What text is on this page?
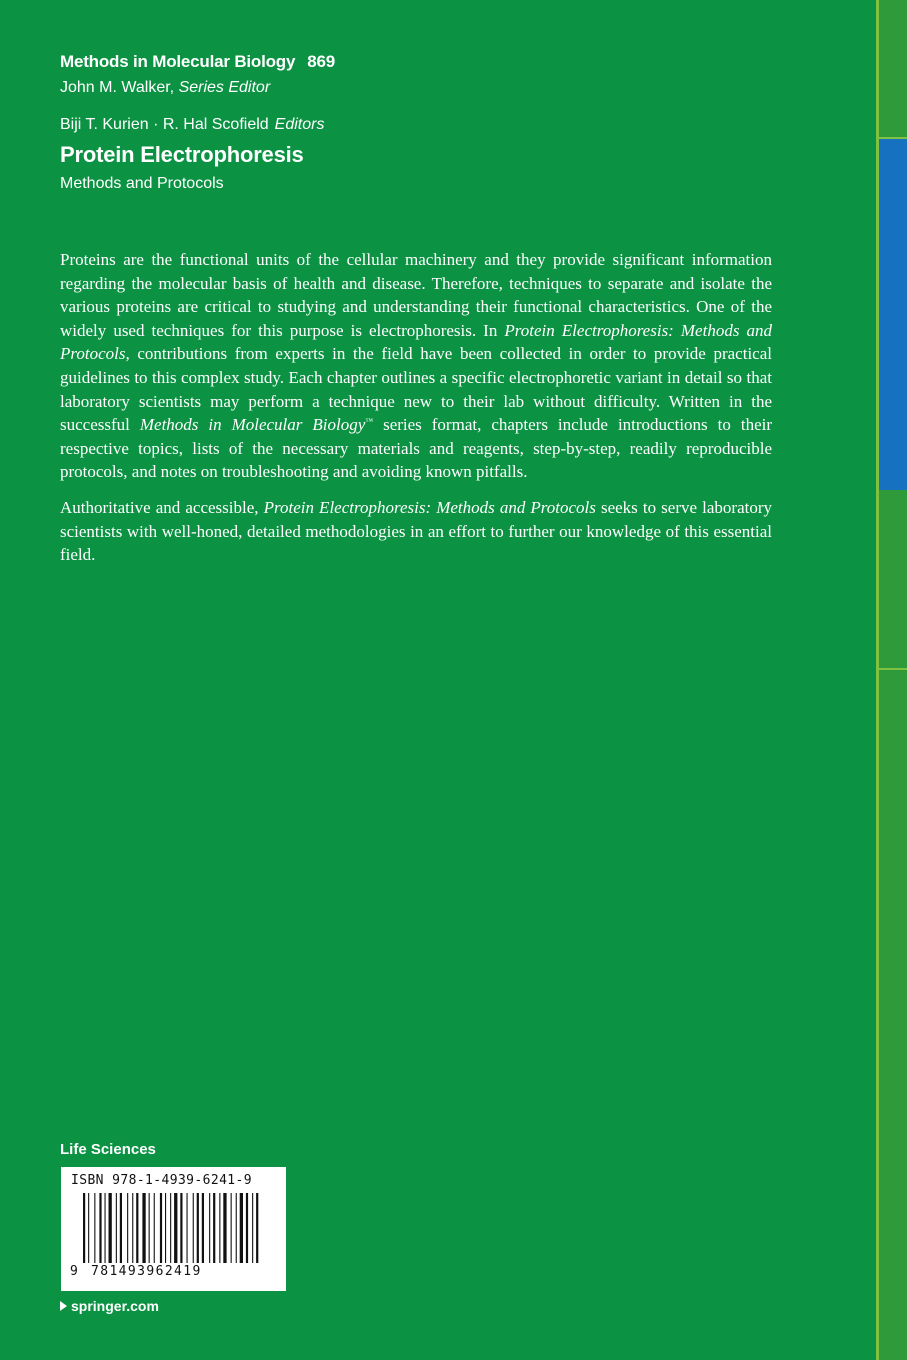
Methods in Molecular Biology 869
John M. Walker, Series Editor
Biji T. Kurien · R. Hal Scofield Editors
Protein Electrophoresis
Methods and Protocols

Proteins are the functional units of the cellular machinery and they provide significant information regarding the molecular basis of health and disease. Therefore, techniques to separate and isolate the various proteins are critical to studying and understanding their functional characteristics. One of the widely used techniques for this purpose is electrophoresis. In Protein Electrophoresis: Methods and Protocols, contributions from experts in the field have been collected in order to provide practical guidelines to this complex study. Each chapter outlines a specific electrophoretic variant in detail so that laboratory scientists may perform a technique new to their lab without difficulty. Written in the successful Methods in Molecular Biology™ series format, chapters include introductions to their respective topics, lists of the necessary materials and reagents, step-by-step, readily reproducible protocols, and notes on troubleshooting and avoiding known pitfalls.

Authoritative and accessible, Protein Electrophoresis: Methods and Protocols seeks to serve laboratory scientists with well-honed, detailed methodologies in an effort to further our knowledge of this essential field.

Life Sciences
ISBN 978-1-4939-6241-9
9 781493962419
springer.com
